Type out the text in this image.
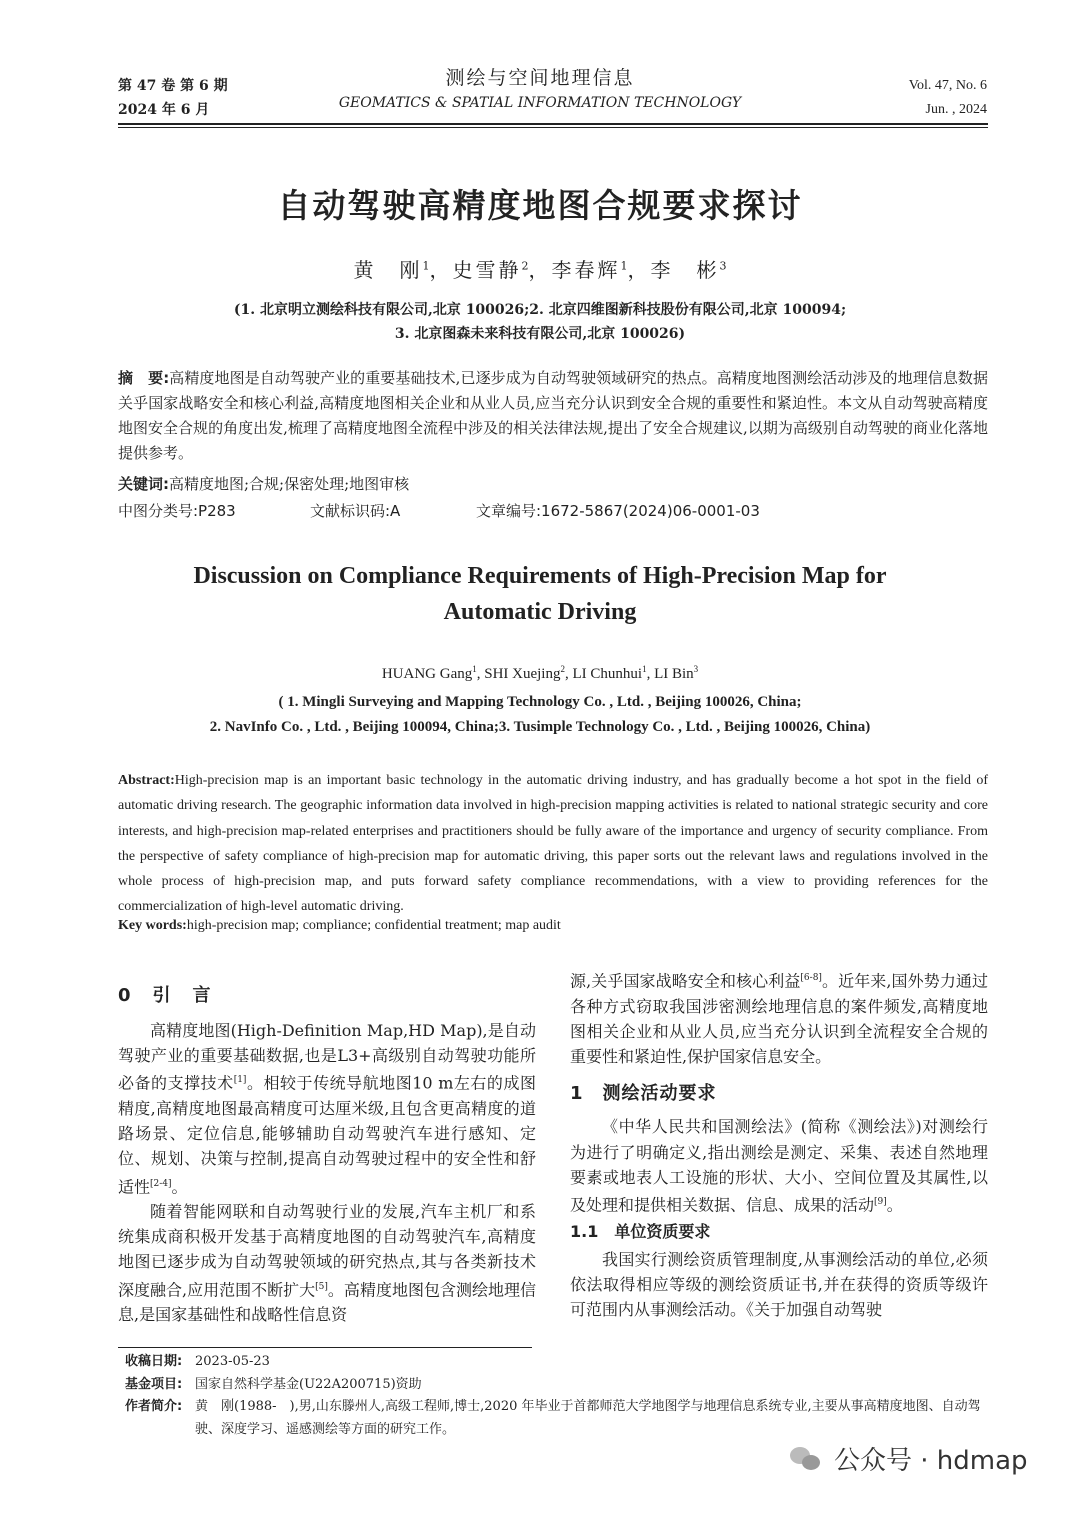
第 47 卷 第 6 期
2024 年 6 月
测绘与空间地理信息
GEOMATICS & SPATIAL INFORMATION TECHNOLOGY
Vol. 47, No. 6
Jun. , 2024
自动驾驶高精度地图合规要求探讨
黄　刚$^1$，史雪静$^2$，李春辉$^1$，李　彬$^3$
(1. 北京明立测绘科技有限公司,北京 100026;2. 北京四维图新科技股份有限公司,北京 100094;
3. 北京图森未来科技有限公司,北京 100026)
摘　要:高精度地图是自动驾驶产业的重要基础技术,已逐步成为自动驾驶领域研究的热点。高精度地图测绘活动涉及的地理信息数据关乎国家战略安全和核心利益,高精度地图相关企业和从业人员,应当充分认识到安全合规的重要性和紧迫性。本文从自动驾驶高精度地图安全合规的角度出发,梳理了高精度地图全流程中涉及的相关法律法规,提出了安全合规建议,以期为高级别自动驾驶的商业化落地提供参考。
关键词:高精度地图;合规;保密处理;地图审核
中图分类号:P283	文献标识码:A	文章编号:1672-5867(2024)06-0001-03
Discussion on Compliance Requirements of High-Precision Map for
Automatic Driving
HUANG Gang$^1$, SHI Xuejing$^2$, LI Chunhui$^1$, LI Bin$^3$
( 1. Mingli Surveying and Mapping Technology Co. , Ltd. , Beijing 100026, China;
2. NavInfo Co. , Ltd. , Beijing 100094, China;3. Tusimple Technology Co. , Ltd. , Beijing 100026, China)
Abstract:High-precision map is an important basic technology in the automatic driving industry, and has gradually become a hot spot in the field of automatic driving research. The geographic information data involved in high-precision mapping activities is related to national strategic security and core interests, and high-precision map-related enterprises and practitioners should be fully aware of the importance and urgency of security compliance. From the perspective of safety compliance of high-precision map for automatic driving, this paper sorts out the relevant laws and regulations involved in the whole process of high-precision map, and puts forward safety compliance recommendations, with a view to providing references for the commercialization of high-level automatic driving.
Key words:high-precision map; compliance; confidential treatment; map audit
0　引　言

高精度地图(High-Definition Map,HD Map),是自动驾驶产业的重要基础数据,也是L3+高级别自动驾驶功能所必备的支撑技术[1]。相较于传统导航地图10 m左右的成图精度,高精度地图最高精度可达厘米级,且包含更高精度的道路场景、定位信息,能够辅助自动驾驶汽车进行感知、定位、规划、决策与控制,提高自动驾驶过程中的安全性和舒适性[2-4]。

随着智能网联和自动驾驶行业的发展,汽车主机厂和系统集成商积极开发基于高精度地图的自动驾驶汽车,高精度地图已逐步成为自动驾驶领域的研究热点,其与各类新技术深度融合,应用范围不断扩大[5]。高精度地图包含测绘地理信息,是国家基础性和战略性信息资

源,关乎国家战略安全和核心利益[6-8]。近年来,国外势力通过各种方式窃取我国涉密测绘地理信息的案件频发,高精度地图相关企业和从业人员,应当充分认识到全流程安全合规的重要性和紧迫性,保护国家信息安全。

1　测绘活动要求

《中华人民共和国测绘法》(简称《测绘法》)对测绘行为进行了明确定义,指出测绘是测定、采集、表述自然地理要素或地表人工设施的形状、大小、空间位置及其属性,以及处理和提供相关数据、信息、成果的活动[9]。

1.1　单位资质要求

我国实行测绘资质管理制度,从事测绘活动的单位,必须依法取得相应等级的测绘资质证书,并在获得的资质等级许可范围内从事测绘活动。《关于加强自动驾驶

收稿日期: 2023-05-23
基金项目: 国家自然科学基金(U22A200715)资助
作者简介: 黄　刚(1988-　),男,山东滕州人,高级工程师,博士,2020 年毕业于首都师范大学地图学与地理信息系统专业,主要从事高精度地图、自动驾驶、深度学习、遥感测绘等方面的研究工作。
公众号 · hdmap
